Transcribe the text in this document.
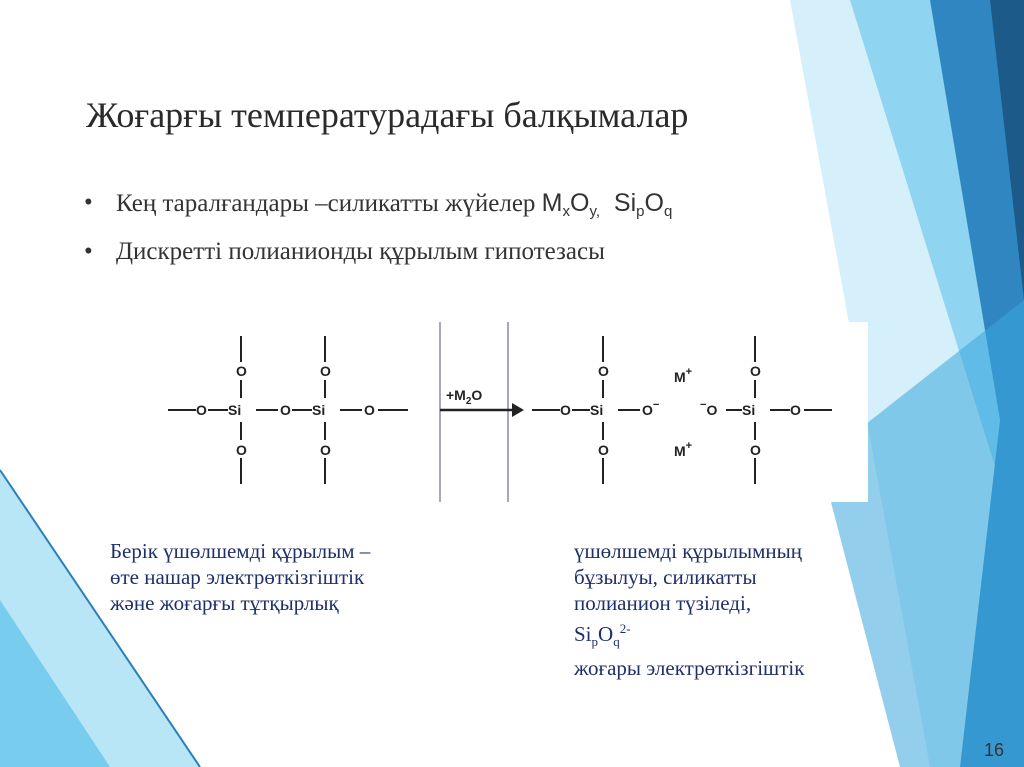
Жоғарғы температурадағы балқымалар
• Кең таралғандары –силикатты жүйелер $M_xO_{y,}$ $Si_pO_q$
• Дискретті полианионды құрылым гипотезасы
O Si
O
O
O Si
O
O
O
$+M_2O$
O Si
O
O
O−
M+
M+
−O Si
O
O
O
Берік үшөлшемді құрылым –
өте нашар электрөткізгіштік
және жоғарғы тұтқырлық
үшөлшемді құрылымның
бұзылуы, силикатты
полианион түзіледі,
$Si_pO_q^{2-}$
жоғары электрөткізгіштік
16
